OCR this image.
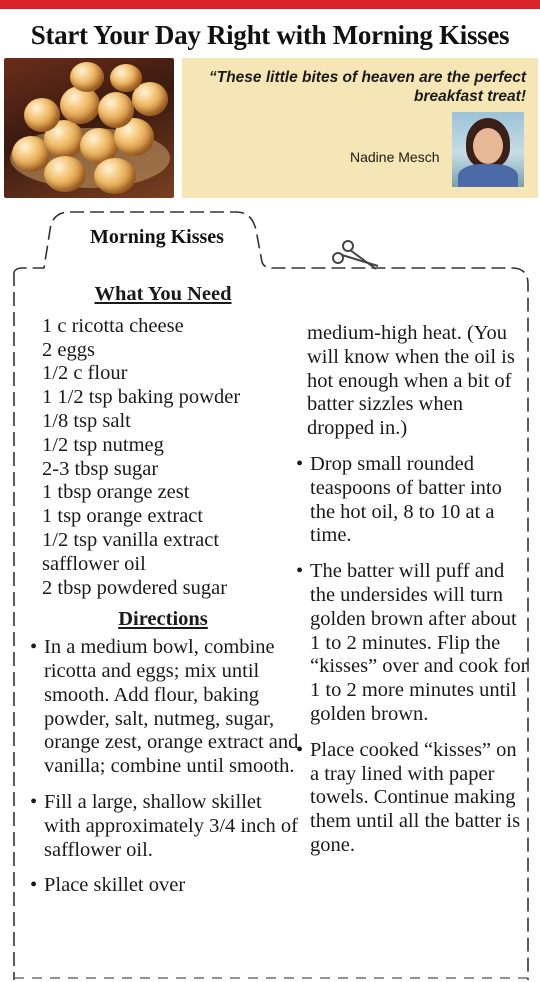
Start Your Day Right with Morning Kisses

“These little bites of heaven are the perfect breakfast treat!

Nadine Mesch
Morning Kisses
What You Need
1 c ricotta cheese
2 eggs
1/2 c flour
1 1/2 tsp baking powder
1/8 tsp salt
1/2 tsp nutmeg
2-3 tbsp sugar
1 tbsp orange zest
1 tsp orange extract
1/2 tsp vanilla extract
safflower oil
2 tbsp powdered sugar
Directions
• In a medium bowl, combine ricotta and eggs; mix until smooth. Add flour, baking powder, salt, nutmeg, sugar, orange zest, orange extract and vanilla; combine until smooth.
• Fill a large, shallow skillet with approximately 3/4 inch of safflower oil.
• Place skillet over
medium-high heat. (You will know when the oil is hot enough when a bit of batter sizzles when dropped in.)
• Drop small rounded teaspoons of batter into the hot oil, 8 to 10 at a time.
• The batter will puff and the undersides will turn golden brown after about 1 to 2 minutes. Flip the “kisses” over and cook for 1 to 2 more minutes until golden brown.
• Place cooked “kisses” on a tray lined with paper towels. Continue making them until all the batter is gone.
